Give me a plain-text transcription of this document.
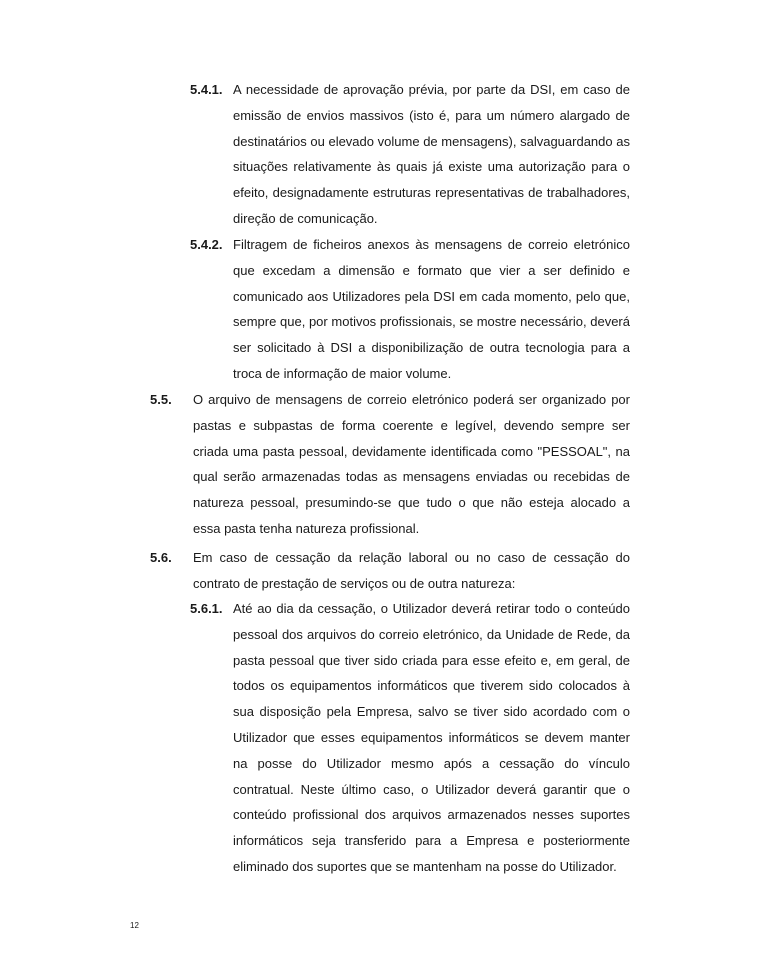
5.4.1. A necessidade de aprovação prévia, por parte da DSI, em caso de emissão de envios massivos (isto é, para um número alargado de destinatários ou elevado volume de mensagens), salvaguardando as situações relativamente às quais já existe uma autorização para o efeito, designadamente estruturas representativas de trabalhadores, direção de comunicação.
5.4.2. Filtragem de ficheiros anexos às mensagens de correio eletrónico que excedam a dimensão e formato que vier a ser definido e comunicado aos Utilizadores pela DSI em cada momento, pelo que, sempre que, por motivos profissionais, se mostre necessário, deverá ser solicitado à DSI a disponibilização de outra tecnologia para a troca de informação de maior volume.
5.5. O arquivo de mensagens de correio eletrónico poderá ser organizado por pastas e subpastas de forma coerente e legível, devendo sempre ser criada uma pasta pessoal, devidamente identificada como "PESSOAL", na qual serão armazenadas todas as mensagens enviadas ou recebidas de natureza pessoal, presumindo-se que tudo o que não esteja alocado a essa pasta tenha natureza profissional.
5.6. Em caso de cessação da relação laboral ou no caso de cessação do contrato de prestação de serviços ou de outra natureza:
5.6.1. Até ao dia da cessação, o Utilizador deverá retirar todo o conteúdo pessoal dos arquivos do correio eletrónico, da Unidade de Rede, da pasta pessoal que tiver sido criada para esse efeito e, em geral, de todos os equipamentos informáticos que tiverem sido colocados à sua disposição pela Empresa, salvo se tiver sido acordado com o Utilizador que esses equipamentos informáticos se devem manter na posse do Utilizador mesmo após a cessação do vínculo contratual. Neste último caso, o Utilizador deverá garantir que o conteúdo profissional dos arquivos armazenados nesses suportes informáticos seja transferido para a Empresa e posteriormente eliminado dos suportes que se mantenham na posse do Utilizador.
12
